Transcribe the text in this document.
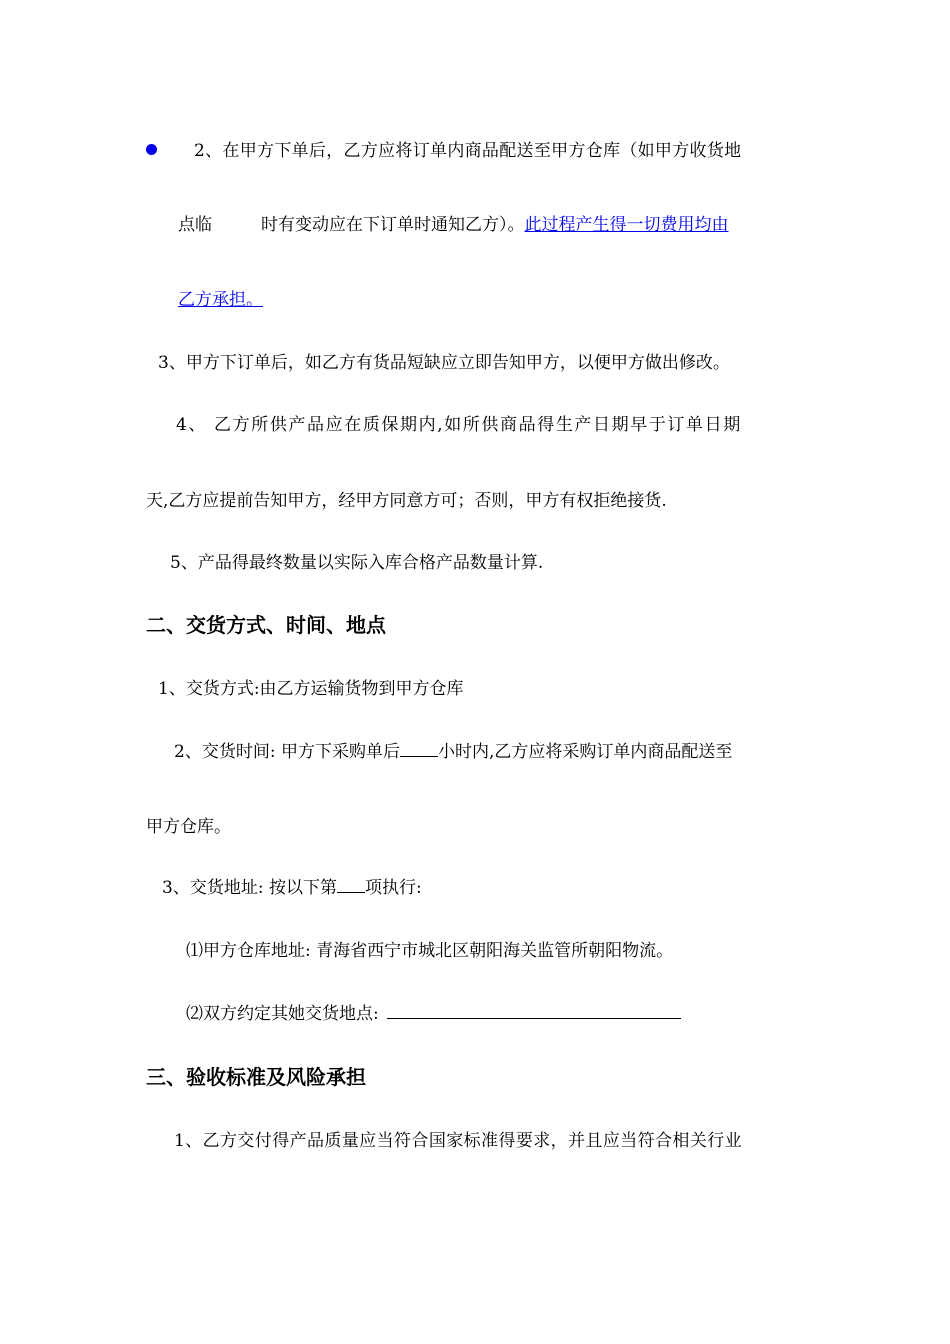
2、在甲方下单后，乙方应将订单内商品配送至甲方仓库（如甲方收货地
点临	时有变动应在下订单时通知乙方）。此过程产生得一切费用均由
乙方承担。
3、甲方下订单后，如乙方有货品短缺应立即告知甲方，以便甲方做出修改。
4、 乙方所供产品应在质保期内,如所供商品得生产日期早于订单日期
天,乙方应提前告知甲方，经甲方同意方可；否则，甲方有权拒绝接货.
5、产品得最终数量以实际入库合格产品数量计算.
二、交货方式、时间、地点
1、交货方式:由乙方运输货物到甲方仓库
2、交货时间: 甲方下采购单后 小时内,乙方应将采购订单内商品配送至
甲方仓库。
3、交货地址: 按以下第 项执行:
⑴甲方仓库地址: 青海省西宁市城北区朝阳海关监管所朝阳物流。
⑵双方约定其她交货地点:
三、验收标准及风险承担
1、乙方交付得产品质量应当符合国家标准得要求，并且应当符合相关行业
